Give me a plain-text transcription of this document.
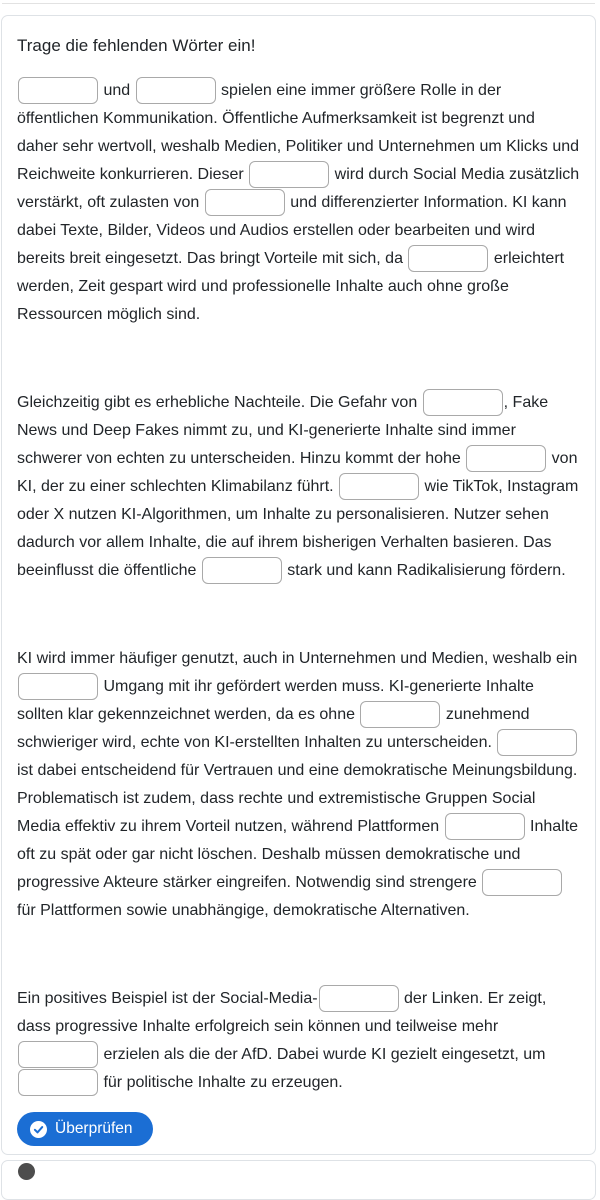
Trage die fehlenden Wörter ein!

und	spielen eine immer größere Rolle in der öffentlichen Kommunikation. Öffentliche Aufmerksamkeit ist begrenzt und daher sehr wertvoll, weshalb Medien, Politiker und Unternehmen um Klicks und Reichweite konkurrieren. Dieser	wird durch Social Media zusätzlich verstärkt, oft zulasten von	und differenzierter Information. KI kann dabei Texte, Bilder, Videos und Audios erstellen oder bearbeiten und wird bereits breit eingesetzt. Das bringt Vorteile mit sich, da	erleichtert werden, Zeit gespart wird und professionelle Inhalte auch ohne große Ressourcen möglich sind.

Gleichzeitig gibt es erhebliche Nachteile. Die Gefahr von	, Fake News und Deep Fakes nimmt zu, und KI-generierte Inhalte sind immer schwerer von echten zu unterscheiden. Hinzu kommt der hohe	von KI, der zu einer schlechten Klimabilanz führt.	wie TikTok, Instagram oder X nutzen KI-Algorithmen, um Inhalte zu personalisieren. Nutzer sehen dadurch vor allem Inhalte, die auf ihrem bisherigen Verhalten basieren. Das beeinflusst die öffentliche	stark und kann Radikalisierung fördern.

KI wird immer häufiger genutzt, auch in Unternehmen und Medien, weshalb ein  Umgang mit ihr gefördert werden muss. KI-generierte Inhalte sollten klar gekennzeichnet werden, da es ohne	zunehmend schwieriger wird, echte von KI-erstellten Inhalten zu unterscheiden.  ist dabei entscheidend für Vertrauen und eine demokratische Meinungsbildung. Problematisch ist zudem, dass rechte und extremistische Gruppen Social Media effektiv zu ihrem Vorteil nutzen, während Plattformen	Inhalte oft zu spät oder gar nicht löschen. Deshalb müssen demokratische und progressive Akteure stärker eingreifen. Notwendig sind strengere  für Plattformen sowie unabhängige, demokratische Alternativen.

Ein positives Beispiel ist der Social-Media-	der Linken. Er zeigt, dass progressive Inhalte erfolgreich sein können und teilweise mehr  erzielen als die der AfD. Dabei wurde KI gezielt eingesetzt, um  für politische Inhalte zu erzeugen.

Überprüfen
